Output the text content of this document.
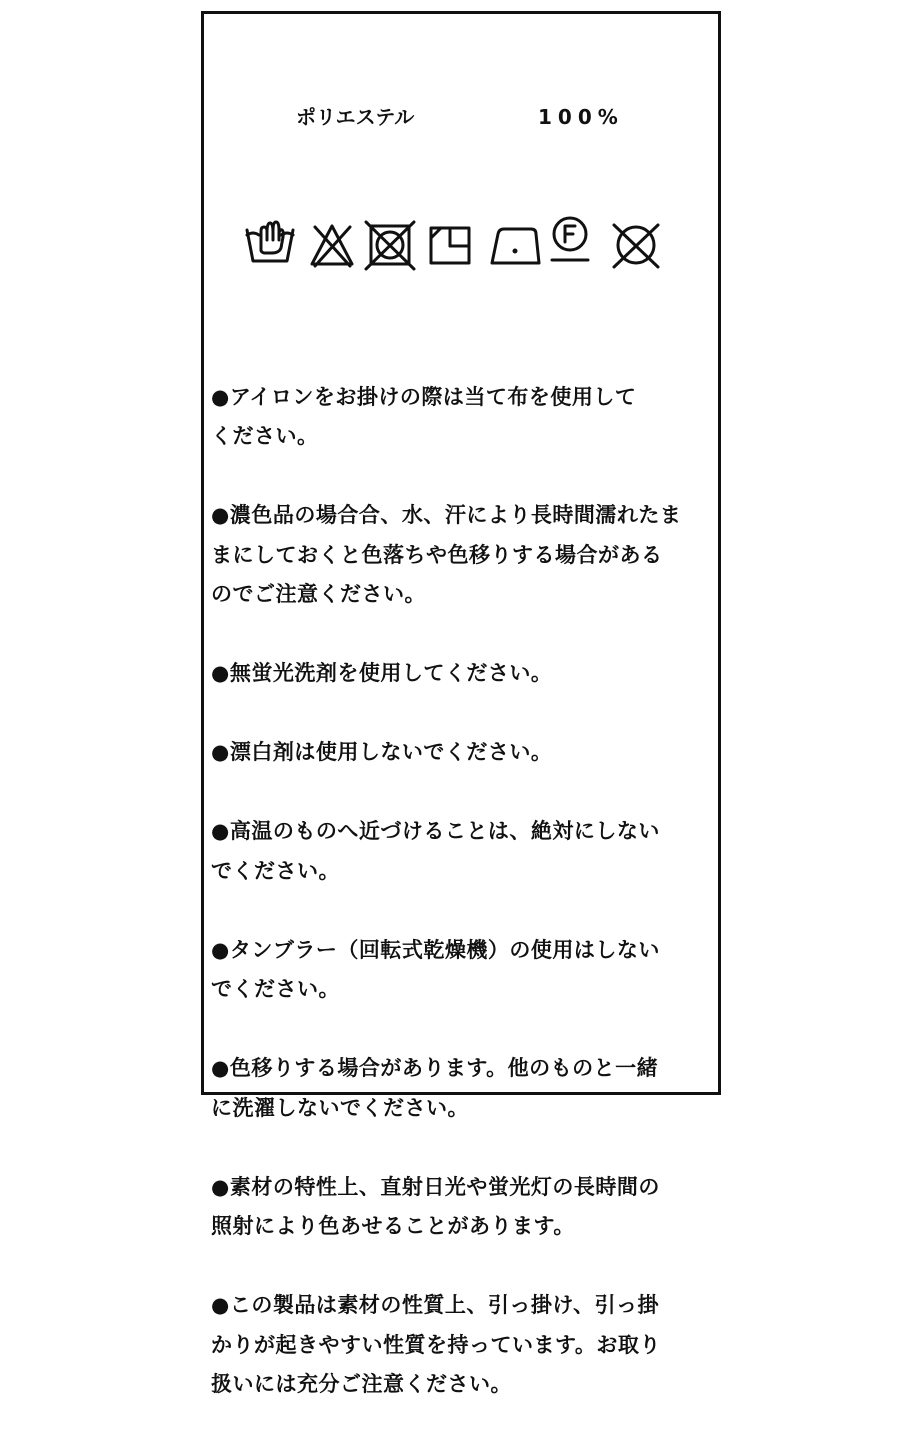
ポリエステル	100%

●アイロンをお掛けの際は当て布を使用して
ください。

●濃色品の場合合、水、汗により長時間濡れたま
まにしておくと色落ちや色移りする場合がある
のでご注意ください。

●無蛍光洗剤を使用してください。

●漂白剤は使用しないでください。

●高温のものへ近づけることは、絶対にしない
でください。

●タンブラー（回転式乾燥機）の使用はしない
でください。

●色移りする場合があります。他のものと一緒
に洗濯しないでください。

●素材の特性上、直射日光や蛍光灯の長時間の
照射により色あせることがあります。

●この製品は素材の性質上、引っ掛け、引っ掛
かりが起きやすい性質を持っています。お取り
扱いには充分ご注意ください。
